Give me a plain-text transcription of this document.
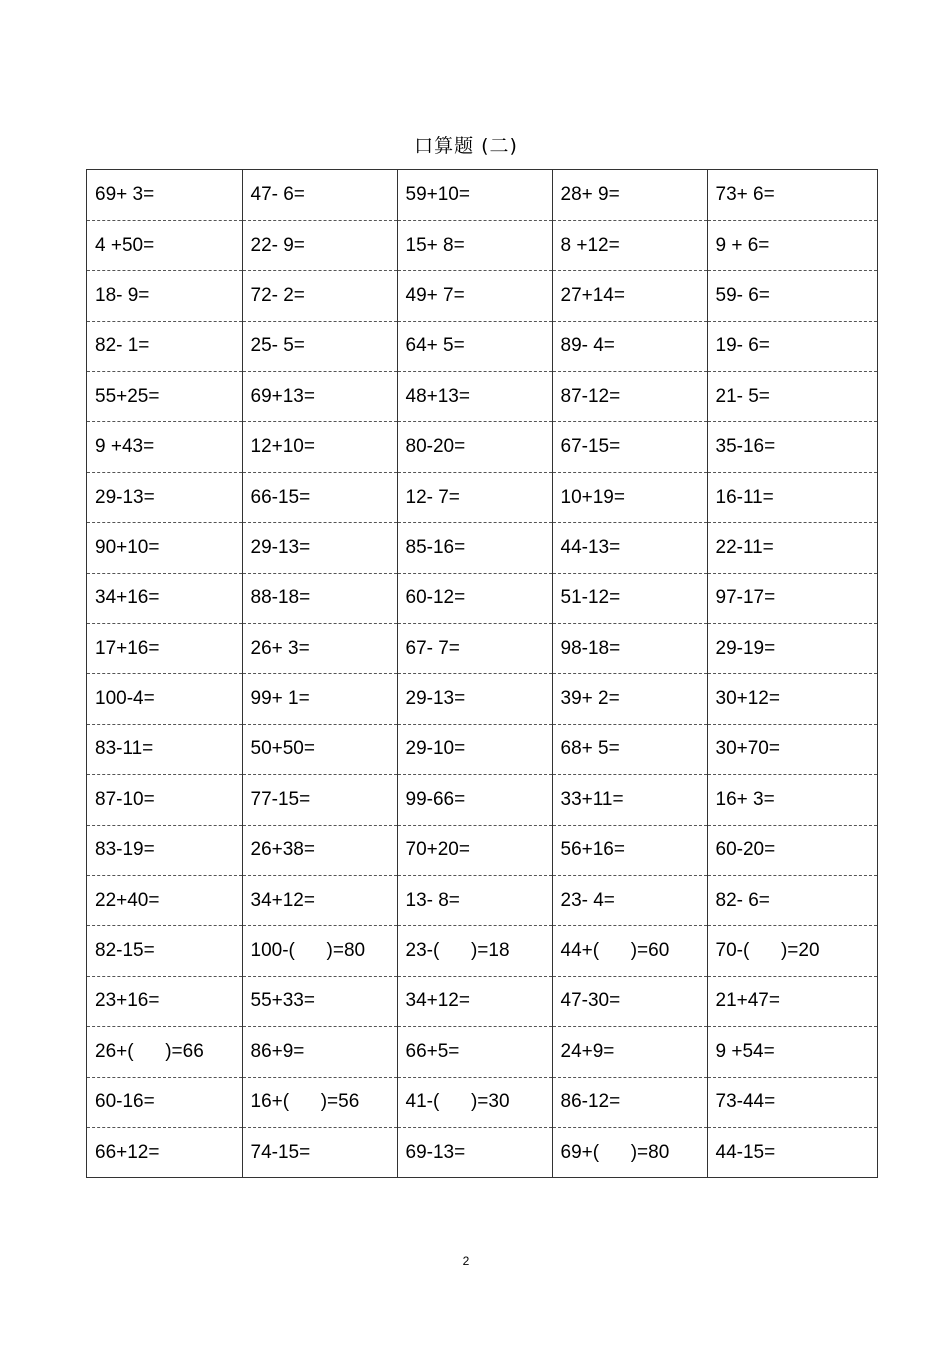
口算题 (二)
69+ 3=	47- 6=	59+10=	28+ 9=	73+ 6=
4 +50=	22- 9=	15+ 8=	8 +12=	9 + 6=
18- 9=	72- 2=	49+ 7=	27+14=	59- 6=
82- 1=	25- 5=	64+ 5=	89- 4=	19- 6=
55+25=	69+13=	48+13=	87-12=	21- 5=
9 +43=	12+10=	80-20=	67-15=	35-16=
29-13=	66-15=	12- 7=	10+19=	16-11=
90+10=	29-13=	85-16=	44-13=	22-11=
34+16=	88-18=	60-12=	51-12=	97-17=
17+16=	26+ 3=	67- 7=	98-18=	29-19=
100-4=	99+ 1=	29-13=	39+ 2=	30+12=
83-11=	50+50=	29-10=	68+ 5=	30+70=
87-10=	77-15=	99-66=	33+11=	16+ 3=
83-19=	26+38=	70+20=	56+16=	60-20=
22+40=	34+12=	13- 8=	23- 4=	82- 6=
82-15=	100-(      )=80	23-(      )=18	44+(      )=60	70-(      )=20
23+16=	55+33=	34+12=	47-30=	21+47=
26+(      )=66	86+9=	66+5=	24+9=	9 +54=
60-16=	16+(      )=56	41-(      )=30	86-12=	73-44=
66+12=	74-15=	69-13=	69+(      )=80	44-15=
2
